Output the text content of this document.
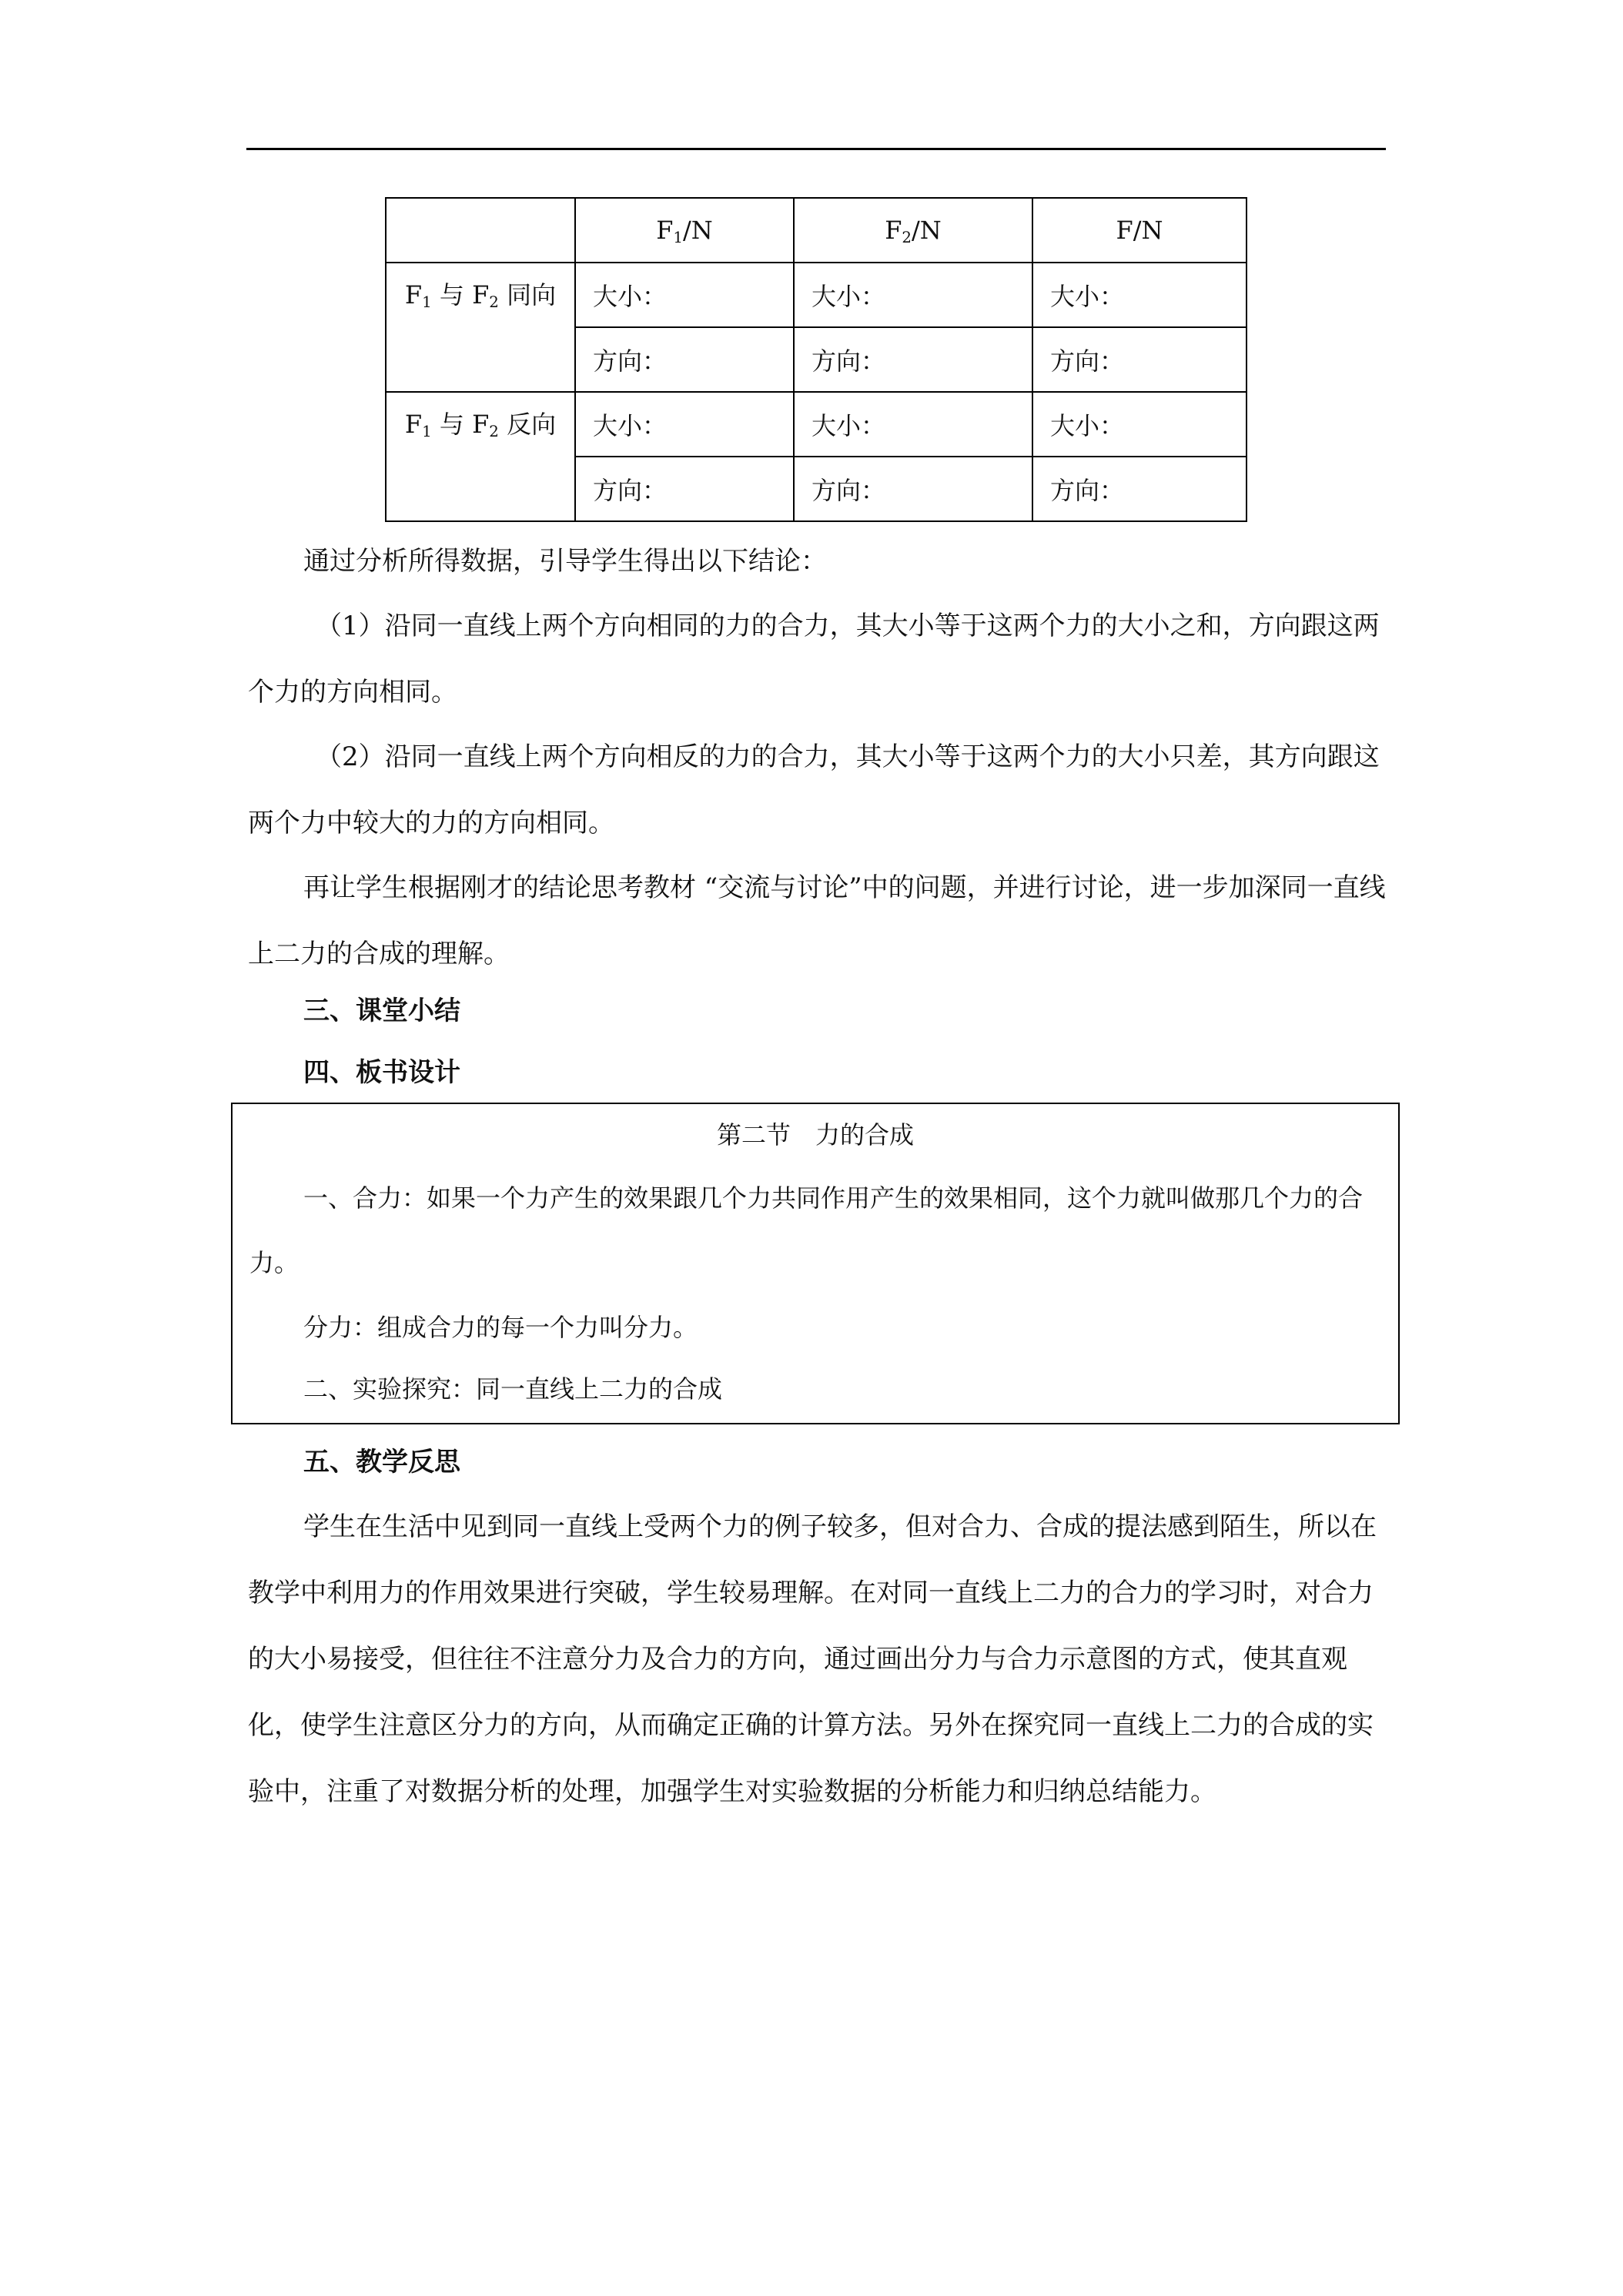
	$F_1/N$	$F_2/N$	F/N

$F_1$ 与 $F_2$ 同向	大小：	大小：	大小：
	方向：	方向：	方向：

$F_1$ 与 $F_2$ 反向	大小：	大小：	大小：
	方向：	方向：	方向：

通过分析所得数据，引导学生得出以下结论：

（1）沿同一直线上两个方向相同的力的合力，其大小等于这两个力的大小之和，方向跟这两个力的方向相同。

（2）沿同一直线上两个方向相反的力的合力，其大小等于这两个力的大小只差，其方向跟这两个力中较大的力的方向相同。

再让学生根据刚才的结论思考教材 “交流与讨论”中的问题，并进行讨论，进一步加深同一直线上二力的合成的理解。

三、课堂小结
四、板书设计
第二节　力的合成

一、合力：如果一个力产生的效果跟几个力共同作用产生的效果相同，这个力就叫做那几个力的合力。

分力：组成合力的每一个力叫分力。

二、实验探究：同一直线上二力的合成

五、教学反思

学生在生活中见到同一直线上受两个力的例子较多，但对合力、合成的提法感到陌生，所以在教学中利用力的作用效果进行突破，学生较易理解。在对同一直线上二力的合力的学习时，对合力的大小易接受，但往往不注意分力及合力的方向，通过画出分力与合力示意图的方式，使其直观化，使学生注意区分力的方向，从而确定正确的计算方法。另外在探究同一直线上二力的合成的实验中，注重了对数据分析的处理，加强学生对实验数据的分析能力和归纳总结能力。
